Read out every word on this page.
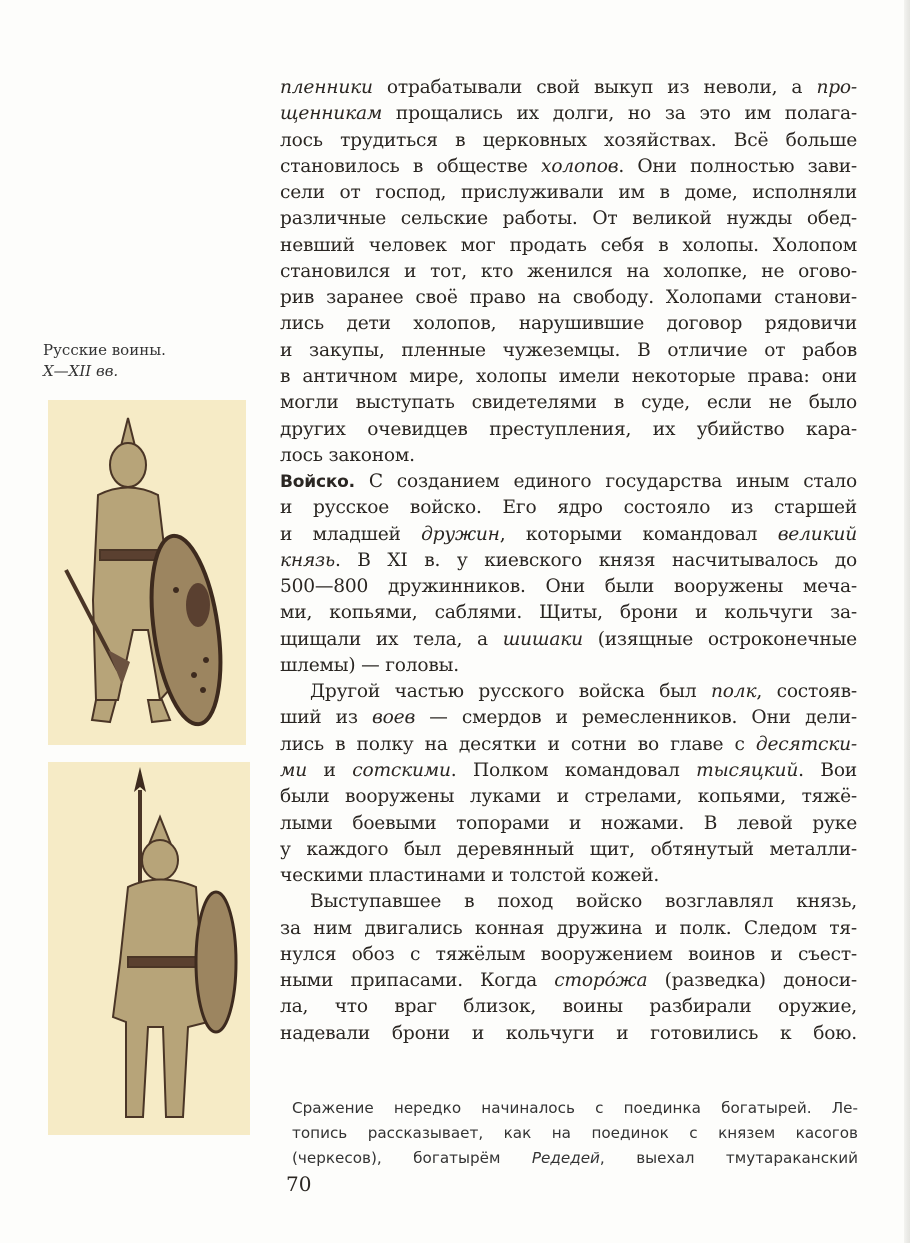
Русские воины.
X—XII вв.
пленники отрабатывали свой выкуп из неволи, а про-
щенникам прощались их долги, но за это им полага-
лось трудиться в церковных хозяйствах. Всё больше
становилось в обществе холопов. Они полностью зави-
сели от господ, прислуживали им в доме, исполняли
различные сельские работы. От великой нужды обед-
невший человек мог продать себя в холопы. Холопом
становился и тот, кто женился на холопке, не огово-
рив заранее своё право на свободу. Холопами станови-
лись дети холопов, нарушившие договор рядовичи
и закупы, пленные чужеземцы. В отличие от рабов
в античном мире, холопы имели некоторые права: они
могли выступать свидетелями в суде, если не было
других очевидцев преступления, их убийство кара-
лось законом.
Войско. С созданием единого государства иным стало
и русское войско. Его ядро состояло из старшей
и младшей дружин, которыми командовал великий
князь. В XI в. у киевского князя насчитывалось до
500—800 дружинников. Они были вооружены меча-
ми, копьями, саблями. Щиты, брони и кольчуги за-
щищали их тела, а шишаки (изящные остроконечные
шлемы) — головы.
Другой частью русского войска был полк, состояв-
ший из воев — смердов и ремесленников. Они дели-
лись в полку на десятки и сотни во главе с десятски-
ми и сотскими. Полком командовал тысяцкий. Вои
были вооружены луками и стрелами, копьями, тяжё-
лыми боевыми топорами и ножами. В левой руке
у каждого был деревянный щит, обтянутый металли-
ческими пластинами и толстой кожей.
Выступавшее в поход войско возглавлял князь,
за ним двигались конная дружина и полк. Следом тя-
нулся обоз с тяжёлым вооружением воинов и съест-
ными припасами. Когда сторо́жа (разведка) доноси-
ла, что враг близок, воины разбирали оружие,
надевали брони и кольчуги и готовились к бою.
Сражение нередко начиналось с поединка богатырей. Ле-
топись рассказывает, как на поединок с князем касогов
(черкесов), богатырём Редедей, выехал тмутараканский
70
